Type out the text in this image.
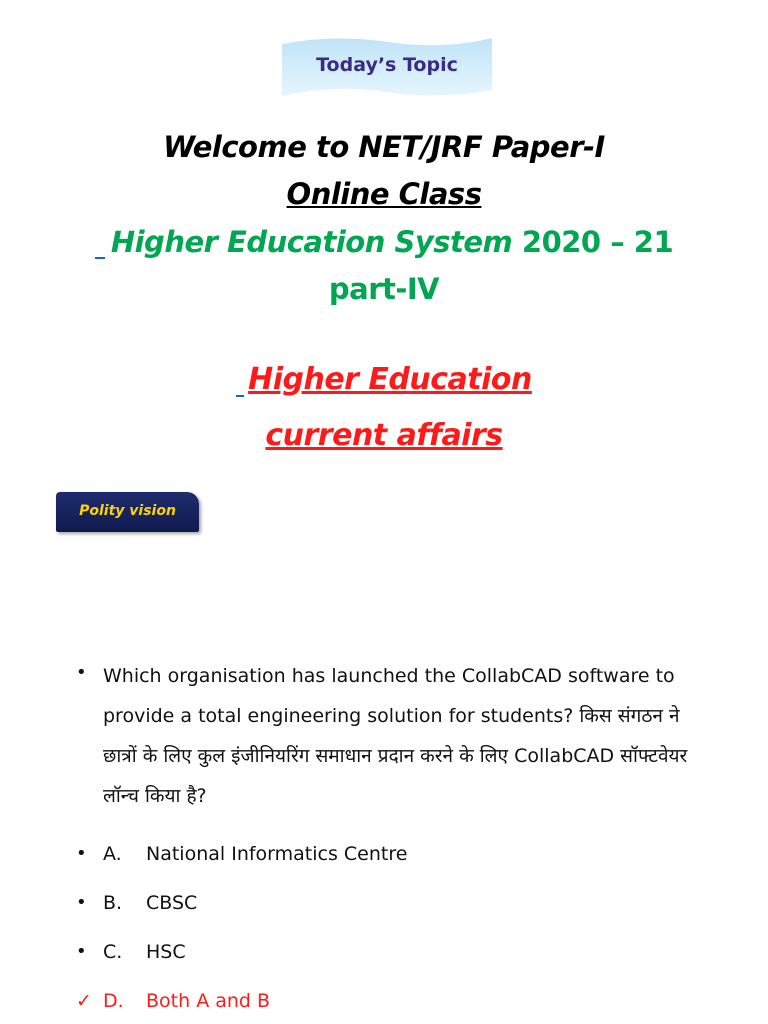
Today’s Topic
Welcome to NET/JRF Paper-I
Online Class
Higher Education System 2020 – 21
part-IV
Higher Education
current affairs
Polity vision
• Which organisation has launched the CollabCAD software to provide a total engineering solution for students? किस संगठन ने छात्रों के लिए कुल इंजीनियरिंग समाधान प्रदान करने के लिए CollabCAD सॉफ्टवेयर लॉन्च किया है?
• A. National Informatics Centre
• B. CBSC
• C. HSC
✓ D. Both A and B
